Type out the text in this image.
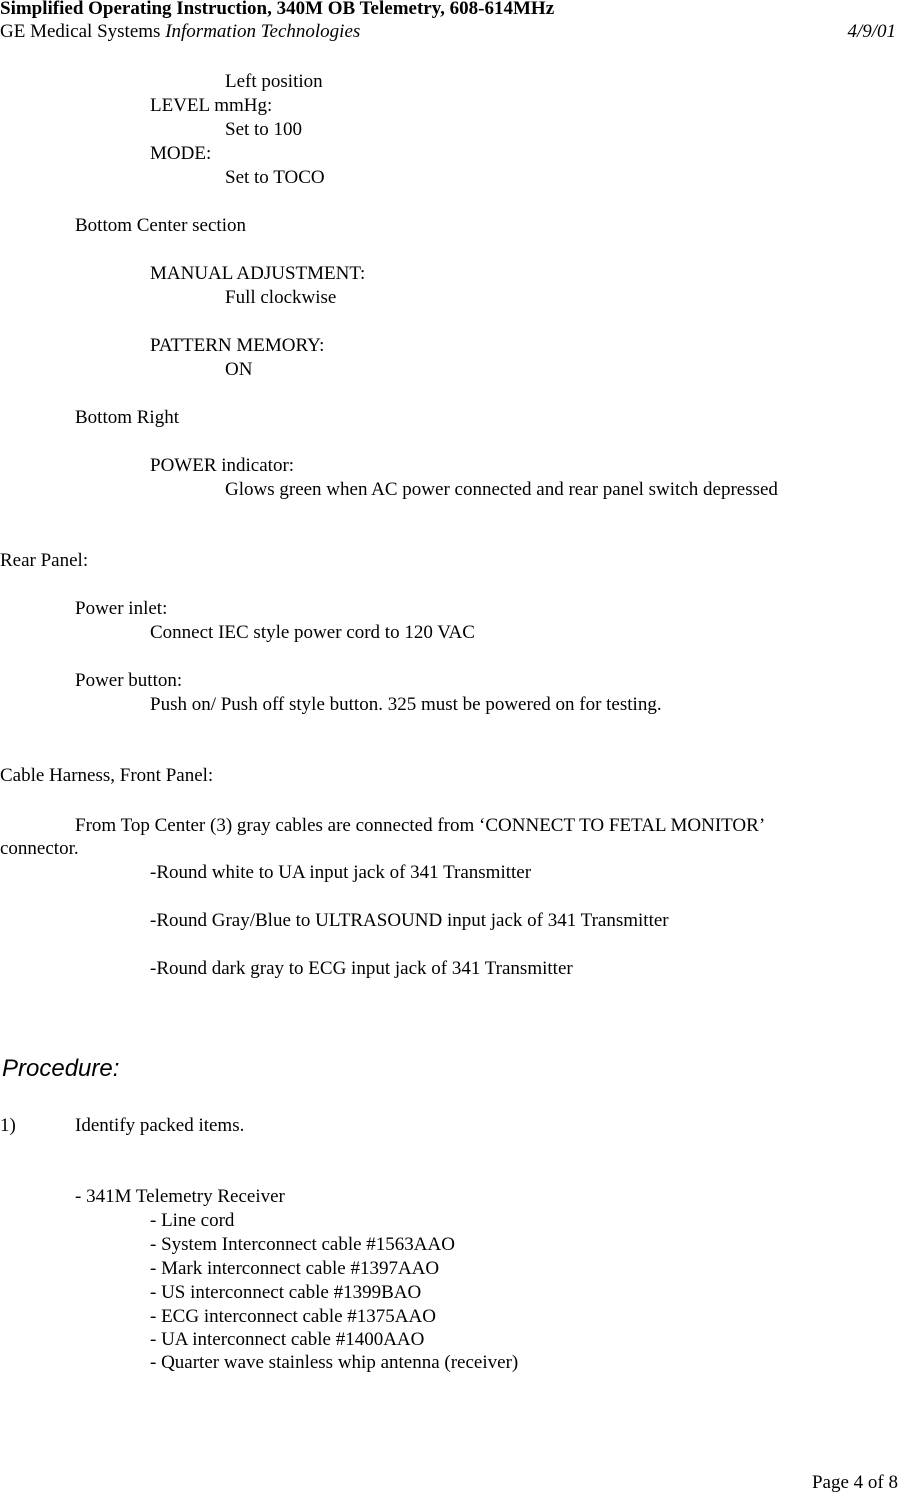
Simplified Operating Instruction, 340M OB Telemetry, 608-614MHz
GE Medical Systems Information Technologies	4/9/01
Left position
LEVEL mmHg:
Set to 100
MODE:
Set to TOCO
Bottom Center section
MANUAL ADJUSTMENT:
Full clockwise
PATTERN MEMORY:
ON
Bottom Right
POWER indicator:
Glows green when AC power connected and rear panel switch depressed
Rear Panel:
Power inlet:
Connect IEC style power cord to 120 VAC
Power button:
Push on/ Push off style button. 325 must be powered on for testing.
Cable Harness, Front Panel:
From Top Center (3) gray cables are connected from ‘CONNECT TO FETAL MONITOR’
connector.
-Round white to UA input jack of 341 Transmitter
-Round Gray/Blue to ULTRASOUND input jack of 341 Transmitter
-Round dark gray to ECG input jack of 341 Transmitter
Procedure:
1)	Identify packed items.
- 341M Telemetry Receiver
- Line cord
- System Interconnect cable #1563AAO
- Mark interconnect cable #1397AAO
- US interconnect cable #1399BAO
- ECG interconnect cable #1375AAO
- UA interconnect cable #1400AAO
- Quarter wave stainless whip antenna (receiver)
Page 4 of 8
